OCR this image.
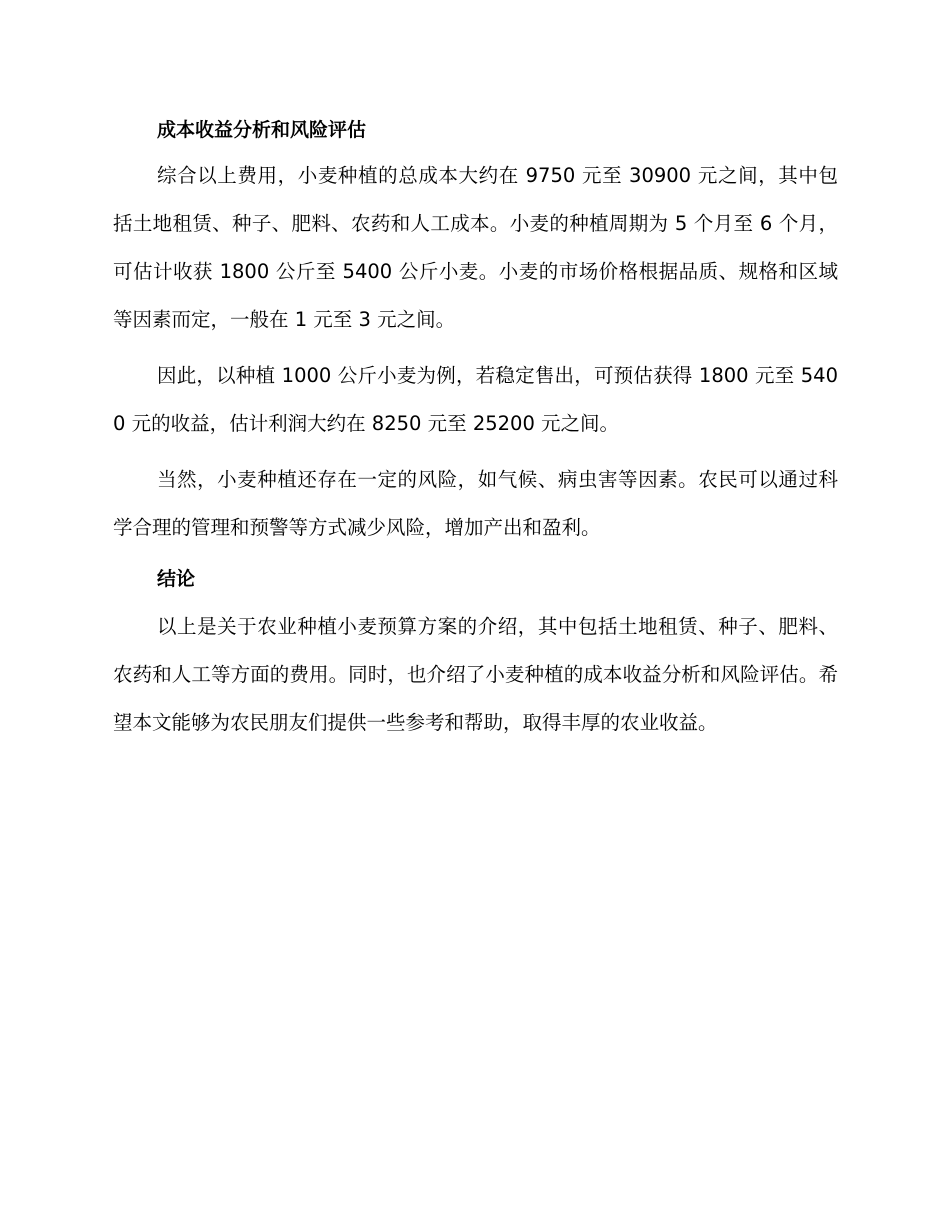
成本收益分析和风险评估

综合以上费用，小麦种植的总成本大约在 9750 元至 30900 元之间，其中包括土地租赁、种子、肥料、农药和人工成本。小麦的种植周期为 5 个月至 6 个月，可估计收获 1800 公斤至 5400 公斤小麦。小麦的市场价格根据品质、规格和区域等因素而定，一般在 1 元至 3 元之间。

因此，以种植 1000 公斤小麦为例，若稳定售出，可预估获得 1800 元至 5400 元的收益，估计利润大约在 8250 元至 25200 元之间。

当然，小麦种植还存在一定的风险，如气候、病虫害等因素。农民可以通过科学合理的管理和预警等方式减少风险，增加产出和盈利。

结论

以上是关于农业种植小麦预算方案的介绍，其中包括土地租赁、种子、肥料、农药和人工等方面的费用。同时，也介绍了小麦种植的成本收益分析和风险评估。希望本文能够为农民朋友们提供一些参考和帮助，取得丰厚的农业收益。
